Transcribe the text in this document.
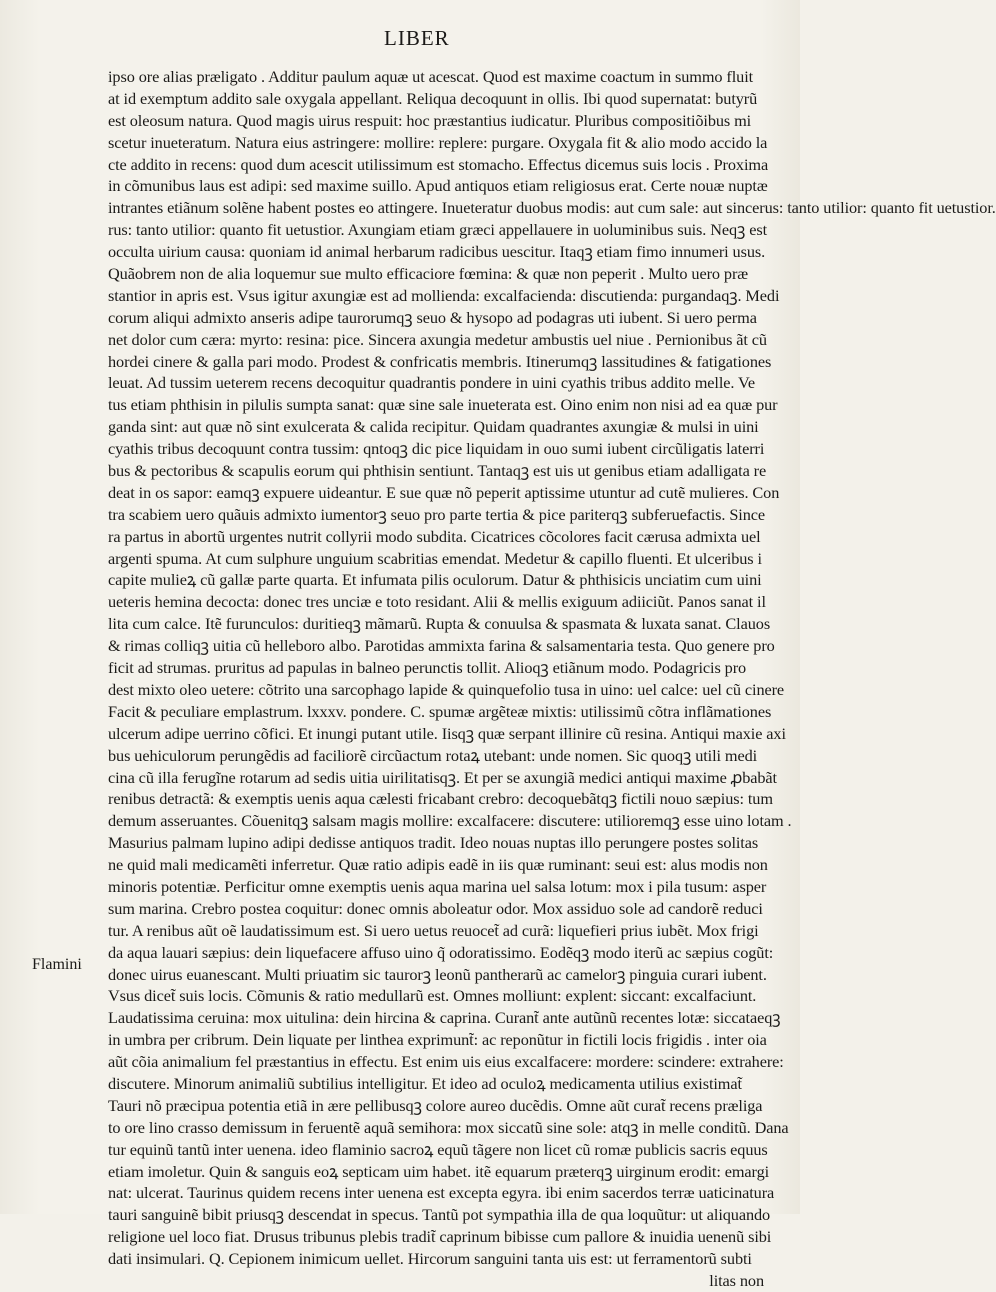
LIBER
Flamini
ipso ore alias præligato . Additur paulum aquæ ut acescat. Quod est maxime coactum in summo fluit
at id exemptum addito sale oxygala appellant. Reliqua decoquunt in ollis. Ibi quod supernatat: butyrũ
est oleosum natura. Quod magis uirus respuit: hoc præstantius iudicatur. Pluribus compositiõibus mi
scetur inueteratum. Natura eius astringere: mollire: replere: purgare. Oxygala fit & alio modo accido la
cte addito in recens: quod dum acescit utilissimum est stomacho. Effectus dicemus suis locis . Proxima
in cõmunibus laus est adipi: sed maxime suillo. Apud antiquos etiam religiosus erat. Certe nouæ nuptæ
intrantes etiãnum solẽne habent postes eo attingere. Inueteratur duobus modis: aut cum sale: aut sincerus: tanto utilior: quanto fit uetustior.
rus: tanto utilior: quanto fit uetustior. Axungiam etiam græci appellauere in uoluminibus suis. Neqꝫ est
occulta uirium causa: quoniam id animal herbarum radicibus uescitur. Itaqꝫ etiam fimo innumeri usus.
Quãobrem non de alia loquemur sue multo efficaciore fœmina: & quæ non peperit . Multo uero præ
stantior in apris est. Vsus igitur axungiæ est ad mollienda: excalfacienda: discutienda: purgandaqꝫ. Medi
corum aliqui admixto anseris adipe taurorumqꝫ seuo & hysopo ad podagras uti iubent. Si uero perma
net dolor cum cæra: myrto: resina: pice. Sincera axungia medetur ambustis uel niue . Pernionibus ãt cũ
hordei cinere & galla pari modo. Prodest & confricatis membris. Itinerumqꝫ lassitudines & fatigationes
leuat. Ad tussim ueterem recens decoquitur quadrantis pondere in uini cyathis tribus addito melle. Ve
tus etiam phthisin in pilulis sumpta sanat: quæ sine sale inueterata est. Oino enim non nisi ad ea quæ pur
ganda sint: aut quæ nõ sint exulcerata & calida recipitur. Quidam quadrantes axungiæ & mulsi in uini
cyathis tribus decoquunt contra tussim: qntoqꝫ dic pice liquidam in ouo sumi iubent circũligatis laterri
bus & pectoribus & scapulis eorum qui phthisin sentiunt. Tantaqꝫ est uis ut genibus etiam adalligata re
deat in os sapor: eamqꝫ expuere uideantur. E sue quæ nõ peperit aptissime utuntur ad cutẽ mulieres. Con
tra scabiem uero quãuis admixto iumentorꝫ seuo pro parte tertia & pice pariterqꝫ subferuefactis. Since
ra partus in abortũ urgentes nutrit collyrii modo subdita. Cicatrices cõcolores facit cærusa admixta uel
argenti spuma. At cum sulphure unguium scabritias emendat. Medetur & capillo fluenti. Et ulceribus i
capite mulieꝝ cũ gallæ parte quarta. Et infumata pilis oculorum. Datur & phthisicis unciatim cum uini
ueteris hemina decocta: donec tres unciæ e toto residant. Alii & mellis exiguum adiiciũt. Panos sanat il
lita cum calce. Itẽ furunculos: duritieqꝫ mãmarũ. Rupta & conuulsa & spasmata & luxata sanat. Clauos
& rimas colliqꝫ uitia cũ helleboro albo. Parotidas ammixta farina & salsamentaria testa. Quo genere pro
ficit ad strumas. pruritus ad papulas in balneo perunctis tollit. Alioqꝫ etiãnum modo. Podagricis pro
dest mixto oleo uetere: cõtrito una sarcophago lapide & quinquefolio tusa in uino: uel calce: uel cũ cinere
Facit & peculiare emplastrum. lxxxv. pondere. C. spumæ argẽteæ mixtis: utilissimũ cõtra inflãmationes
ulcerum adipe uerrino cõfici. Et inungi putant utile. Iisqꝫ quæ serpant illinire cũ resina. Antiqui maxie axi
bus uehiculorum perungẽdis ad faciliorẽ circũactum rotaꝝ utebant: unde nomen. Sic quoqꝫ utili medi
cina cũ illa ferugĩne rotarum ad sedis uitia uirilitatisqꝫ. Et per se axungiã medici antiqui maxime ꝓbabãt
renibus detractã: & exemptis uenis aqua cælesti fricabant crebro: decoquebãtqꝫ fictili nouo sæpius: tum
demum asseruantes. Cõuenitqꝫ salsam magis mollire: excalfacere: discutere: utilioremqꝫ esse uino lotam .
Masurius palmam lupino adipi dedisse antiquos tradit. Ideo nouas nuptas illo perungere postes solitas
ne quid mali medicamẽti inferretur. Quæ ratio adipis eadẽ in iis quæ ruminant: seui est: alus modis non
minoris potentiæ. Perficitur omne exemptis uenis aqua marina uel salsa lotum: mox i pila tusum: asper
sum marina. Crebro postea coquitur: donec omnis aboleatur odor. Mox assiduo sole ad candorẽ reduci
tur. A renibus aũt oẽ laudatissimum est. Si uero uetus reuocet̃ ad curã: liquefieri prius iubẽt. Mox frigi
da aqua lauari sæpius: dein liquefacere affuso uino q̃ odoratissimo. Eodẽqꝫ modo iterũ ac sæpius cogũt:
donec uirus euanescant. Multi priuatim sic taurorꝫ leonũ pantherarũ ac camelorꝫ pinguia curari iubent.
Vsus dicet̃ suis locis. Cõmunis & ratio medullarũ est. Omnes molliunt: explent: siccant: excalfaciunt.
Laudatissima ceruina: mox uitulina: dein hircina & caprina. Curant̃ ante autũnũ recentes lotæ: siccataeqꝫ
in umbra per cribrum. Dein liquate per linthea exprimunt̃: ac reponũtur in fictili locis frigidis . inter oia
aũt cõia animalium fel præstantius in effectu. Est enim uis eius excalfacere: mordere: scindere: extrahere:
discutere. Minorum animaliũ subtilius intelligitur. Et ideo ad oculoꝝ medicamenta utilius existimat̃
Tauri nõ præcipua potentia etiã in ære pellibusqꝫ colore aureo ducẽdis. Omne aũt curat̃ recens præliga
to ore lino crasso demissum in feruentẽ aquã semihora: mox siccatũ sine sole: atqꝫ in melle conditũ. Dana
tur equinũ tantũ inter uenena. ideo flaminio sacroꝝ equũ tãgere non licet cũ romæ publicis sacris equus
etiam imoletur. Quin & sanguis eoꝝ septicam uim habet. itẽ equarum præterqꝫ uirginum erodit: emargi
nat: ulcerat. Taurinus quidem recens inter uenena est excepta egyra. ibi enim sacerdos terræ uaticinatura
tauri sanguinẽ bibit priusqꝫ descendat in specus. Tantũ pot sympathia illa de qua loquũtur: ut aliquando
religione uel loco fiat. Drusus tribunus plebis tradit̃ caprinum bibisse cum pallore & inuidia uenenũ sibi
dati insimulari. Q. Cepionem inimicum uellet. Hircorum sanguini tanta uis est: ut ferramentorũ subti
litas non
